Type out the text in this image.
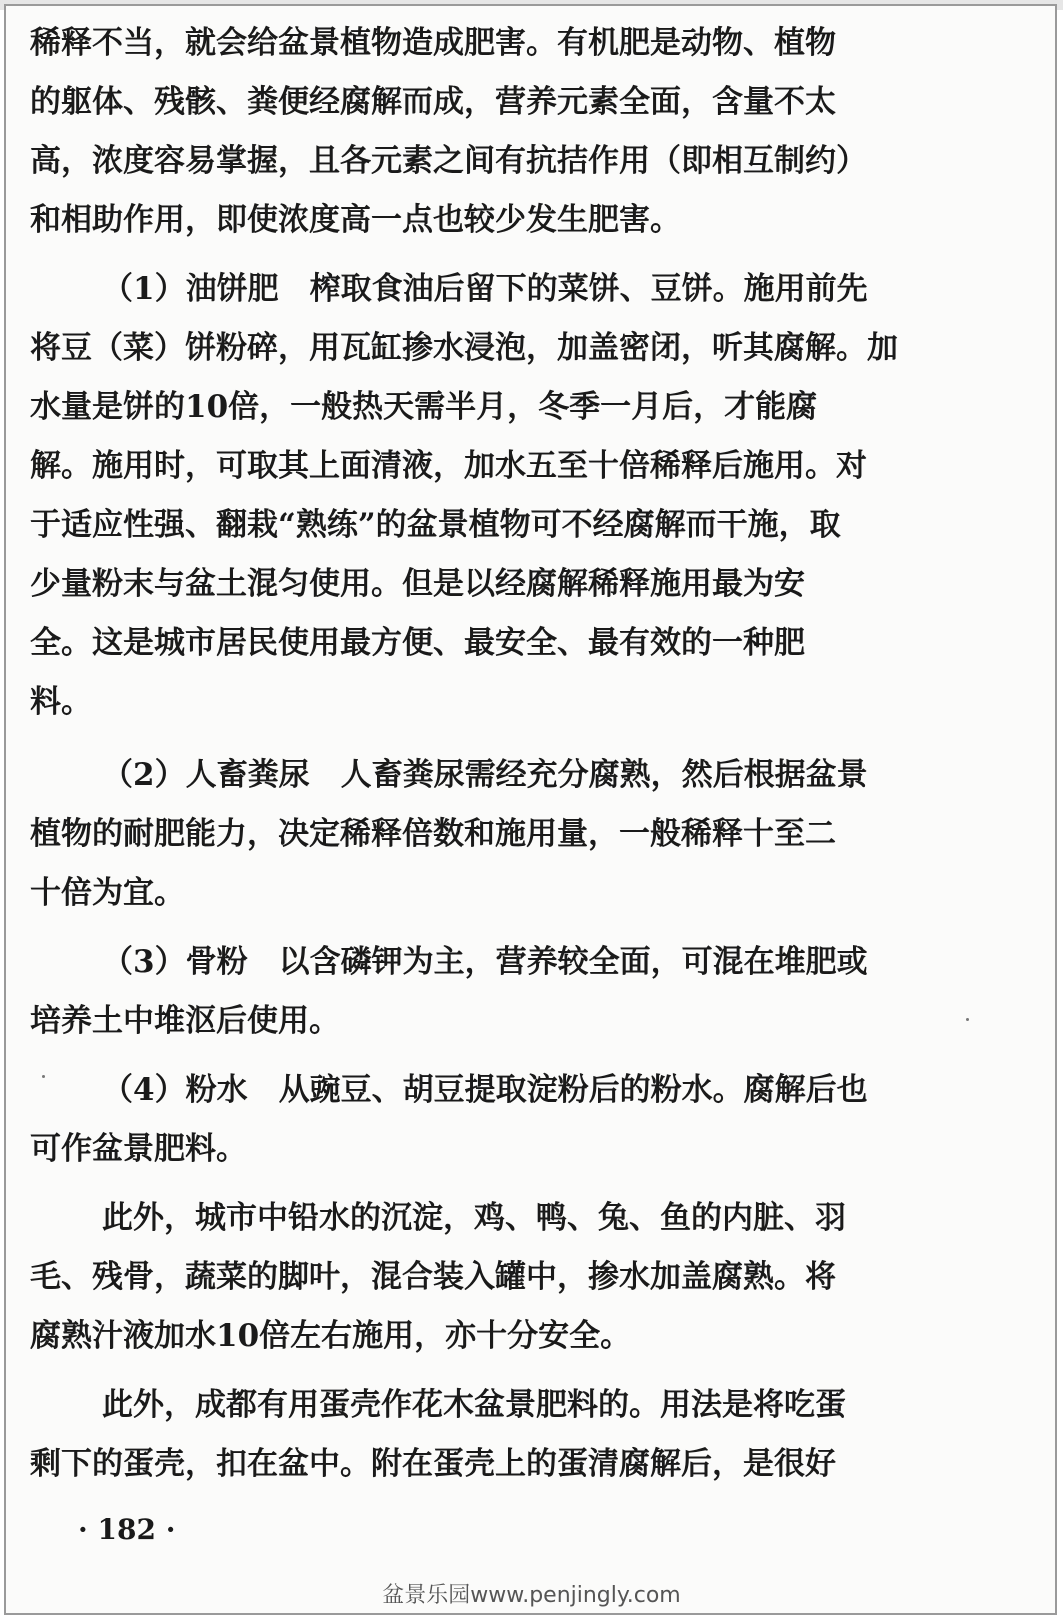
稀释不当，就会给盆景植物造成肥害。有机肥是动物、植物
的躯体、残骸、粪便经腐解而成，营养元素全面，含量不太
高，浓度容易掌握，且各元素之间有抗拮作用（即相互制约）
和相助作用，即使浓度高一点也较少发生肥害。
（1）油饼肥　榨取食油后留下的菜饼、豆饼。施用前先
将豆（菜）饼粉碎，用瓦缸掺水浸泡，加盖密闭，听其腐解。加
水量是饼的10倍，一般热天需半月，冬季一月后，才能腐
解。施用时，可取其上面清液，加水五至十倍稀释后施用。对
于适应性强、翻栽“熟练”的盆景植物可不经腐解而干施，取
少量粉末与盆土混匀使用。但是以经腐解稀释施用最为安
全。这是城市居民使用最方便、最安全、最有效的一种肥
料。
（2）人畜粪尿　人畜粪尿需经充分腐熟，然后根据盆景
植物的耐肥能力，决定稀释倍数和施用量，一般稀释十至二
十倍为宜。
（3）骨粉　以含磷钾为主，营养较全面，可混在堆肥或
培养土中堆沤后使用。
（4）粉水　从豌豆、胡豆提取淀粉后的粉水。腐解后也
可作盆景肥料。
此外，城市中铅水的沉淀，鸡、鸭、兔、鱼的内脏、羽
毛、残骨，蔬菜的脚叶，混合装入罐中，掺水加盖腐熟。将
腐熟汁液加水10倍左右施用，亦十分安全。
此外，成都有用蛋壳作花木盆景肥料的。用法是将吃蛋
剩下的蛋壳，扣在盆中。附在蛋壳上的蛋清腐解后，是很好
· 182 ·
盆景乐园www.penjingly.com
